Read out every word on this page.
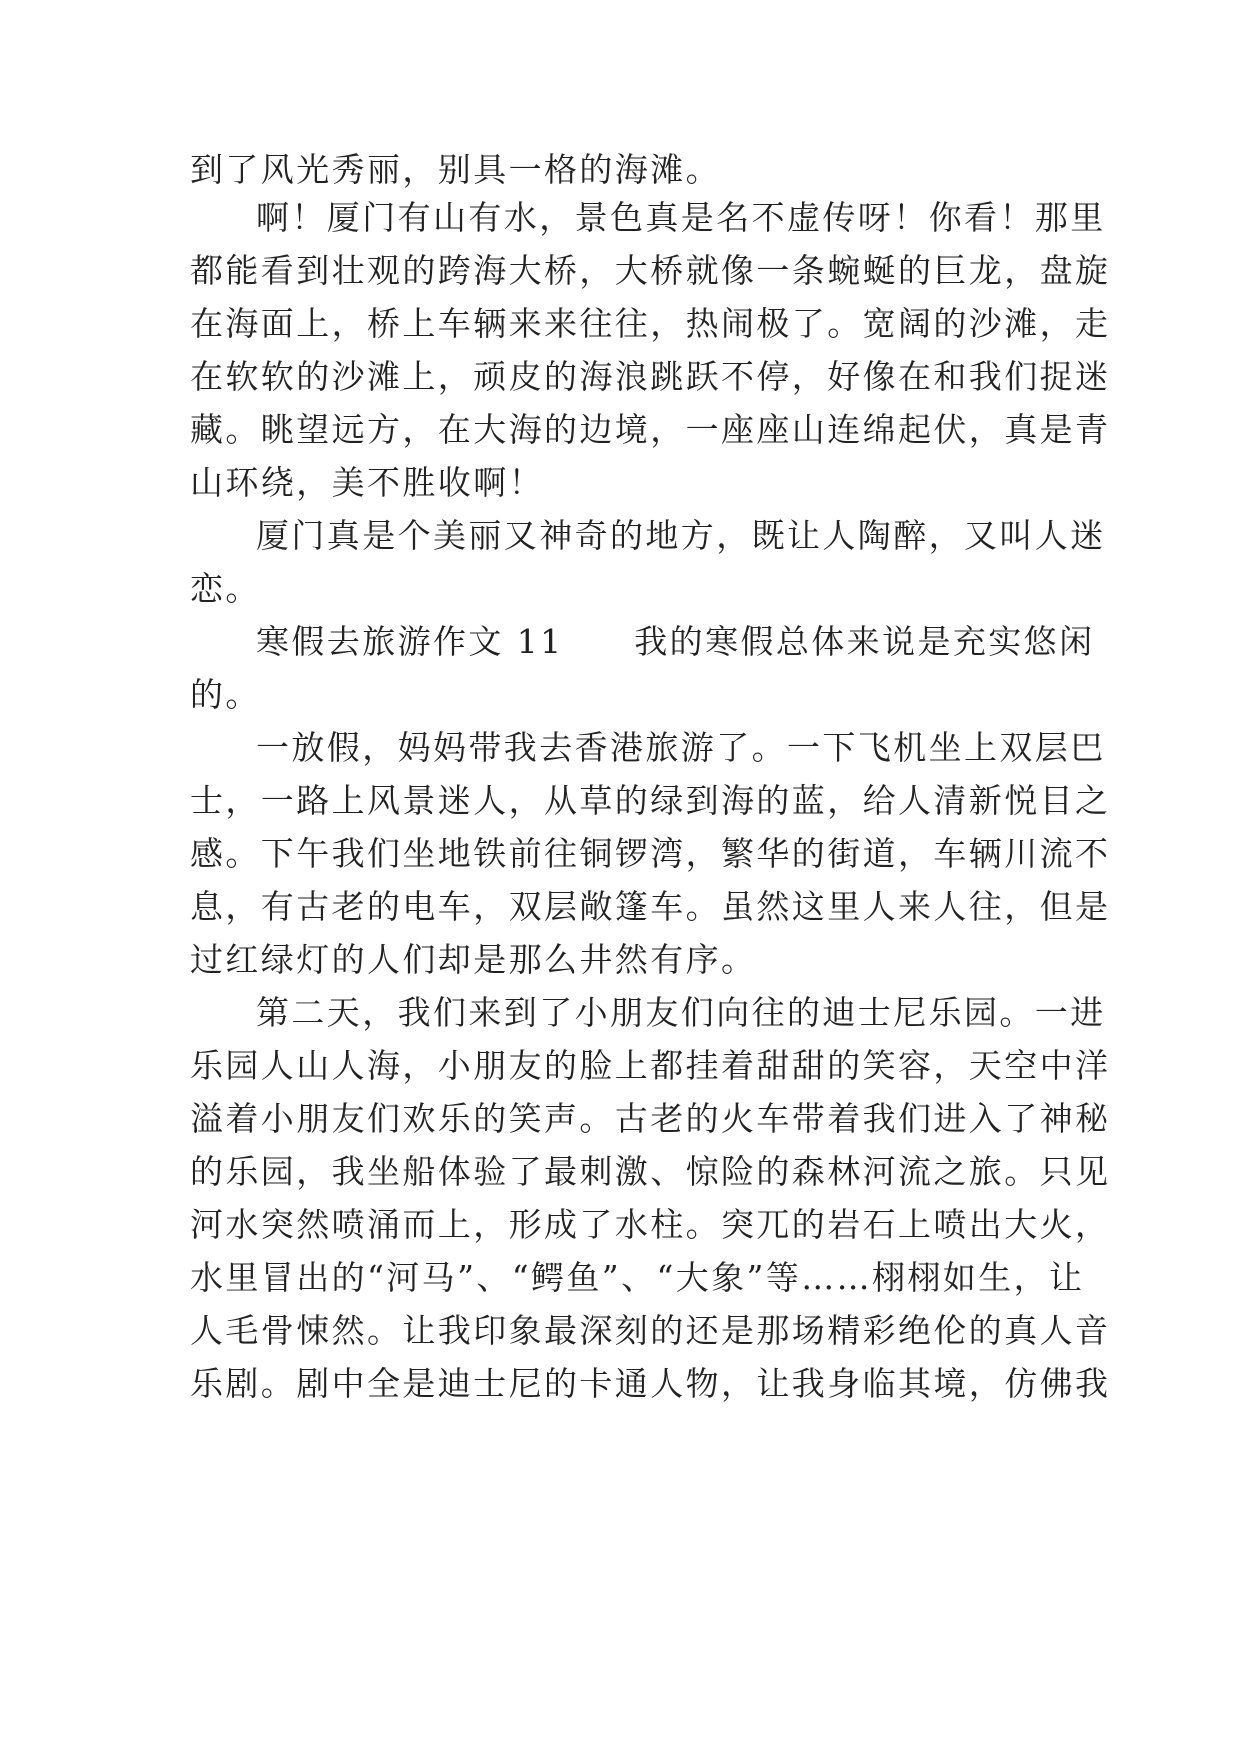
到了风光秀丽，别具一格的海滩。
啊！厦门有山有水，景色真是名不虚传呀！你看！那里
都能看到壮观的跨海大桥，大桥就像一条蜿蜒的巨龙，盘旋
在海面上，桥上车辆来来往往，热闹极了。宽阔的沙滩，走
在软软的沙滩上，顽皮的海浪跳跃不停，好像在和我们捉迷
藏。眺望远方，在大海的边境，一座座山连绵起伏，真是青
山环绕，美不胜收啊！
厦门真是个美丽又神奇的地方，既让人陶醉，又叫人迷
恋。
寒假去旅游作文 11　　我的寒假总体来说是充实悠闲
的。
一放假，妈妈带我去香港旅游了。一下飞机坐上双层巴
士，一路上风景迷人，从草的绿到海的蓝，给人清新悦目之
感。下午我们坐地铁前往铜锣湾，繁华的街道，车辆川流不
息，有古老的电车，双层敞篷车。虽然这里人来人往，但是
过红绿灯的人们却是那么井然有序。
第二天，我们来到了小朋友们向往的迪士尼乐园。一进
乐园人山人海，小朋友的脸上都挂着甜甜的笑容，天空中洋
溢着小朋友们欢乐的笑声。古老的火车带着我们进入了神秘
的乐园，我坐船体验了最刺激、惊险的森林河流之旅。只见
河水突然喷涌而上，形成了水柱。突兀的岩石上喷出大火，
水里冒出的“河马”、“鳄鱼”、“大象”等……栩栩如生，让
人毛骨悚然。让我印象最深刻的还是那场精彩绝伦的真人音
乐剧。剧中全是迪士尼的卡通人物，让我身临其境，仿佛我
